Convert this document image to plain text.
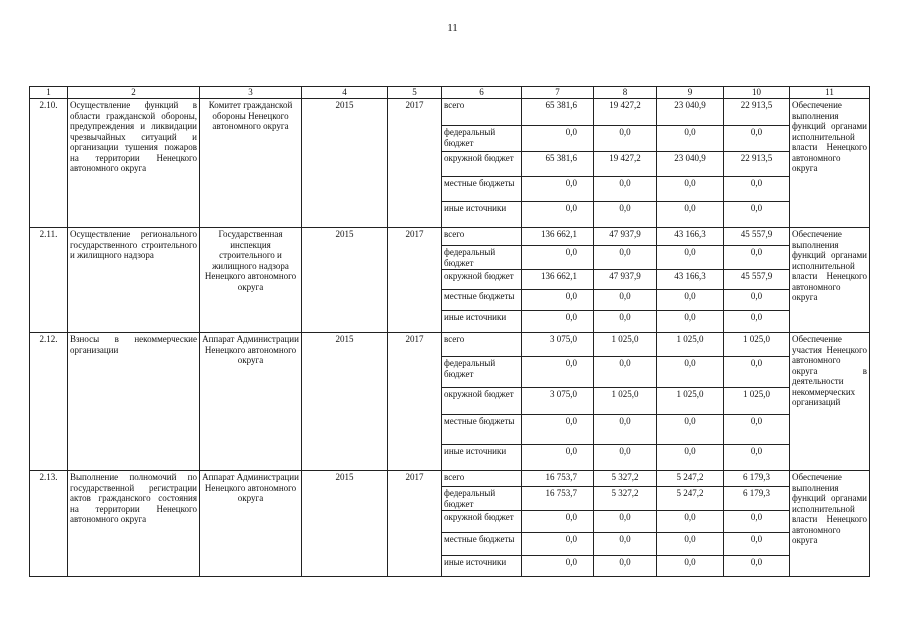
11
1	2	3	4	5	6	7	8	9	10	11
2.10.	Осуществление функций в области гражданской обороны, предупреждения и ликвидации чрезвычайных ситуаций и организации тушения пожаров на территории Ненецкого автономного округа	Комитет гражданской обороны Ненецкого автономного округа	2015	2017	всего	65 381,6	19 427,2	23 040,9	22 913,5	Обеспечение выполнения функций органами исполнительной власти Ненецкого автономного округа
					федеральный бюджет	0,0	0,0	0,0	0,0	
					окружной бюджет	65 381,6	19 427,2	23 040,9	22 913,5	
					местные бюджеты	0,0	0,0	0,0	0,0	
					иные источники	0,0	0,0	0,0	0,0	
2.11.	Осуществление регионального государственного строительного и жилищного надзора	Государственная инспекция строительного и жилищного надзора Ненецкого автономного округа	2015	2017	всего	136 662,1	47 937,9	43 166,3	45 557,9	Обеспечение выполнения функций органами исполнительной власти Ненецкого автономного округа
					федеральный бюджет	0,0	0,0	0,0	0,0	
					окружной бюджет	136 662,1	47 937,9	43 166,3	45 557,9	
					местные бюджеты	0,0	0,0	0,0	0,0	
					иные источники	0,0	0,0	0,0	0,0	
2.12.	Взносы в некоммерческие организации	Аппарат Администрации Ненецкого автономного округа	2015	2017	всего	3 075,0	1 025,0	1 025,0	1 025,0	Обеспечение участия Ненецкого автономного округа в деятельности некоммерческих организаций
					федеральный бюджет	0,0	0,0	0,0	0,0	
					окружной бюджет	3 075,0	1 025,0	1 025,0	1 025,0	
					местные бюджеты	0,0	0,0	0,0	0,0	
					иные источники	0,0	0,0	0,0	0,0	
2.13.	Выполнение полномочий по государственной регистрации актов гражданского состояния на территории Ненецкого автономного округа	Аппарат Администрации Ненецкого автономного округа	2015	2017	всего	16 753,7	5 327,2	5 247,2	6 179,3	Обеспечение выполнения функций органами исполнительной власти Ненецкого автономного округа
					федеральный бюджет	16 753,7	5 327,2	5 247,2	6 179,3	
					окружной бюджет	0,0	0,0	0,0	0,0	
					местные бюджеты	0,0	0,0	0,0	0,0	
					иные источники	0,0	0,0	0,0	0,0	
